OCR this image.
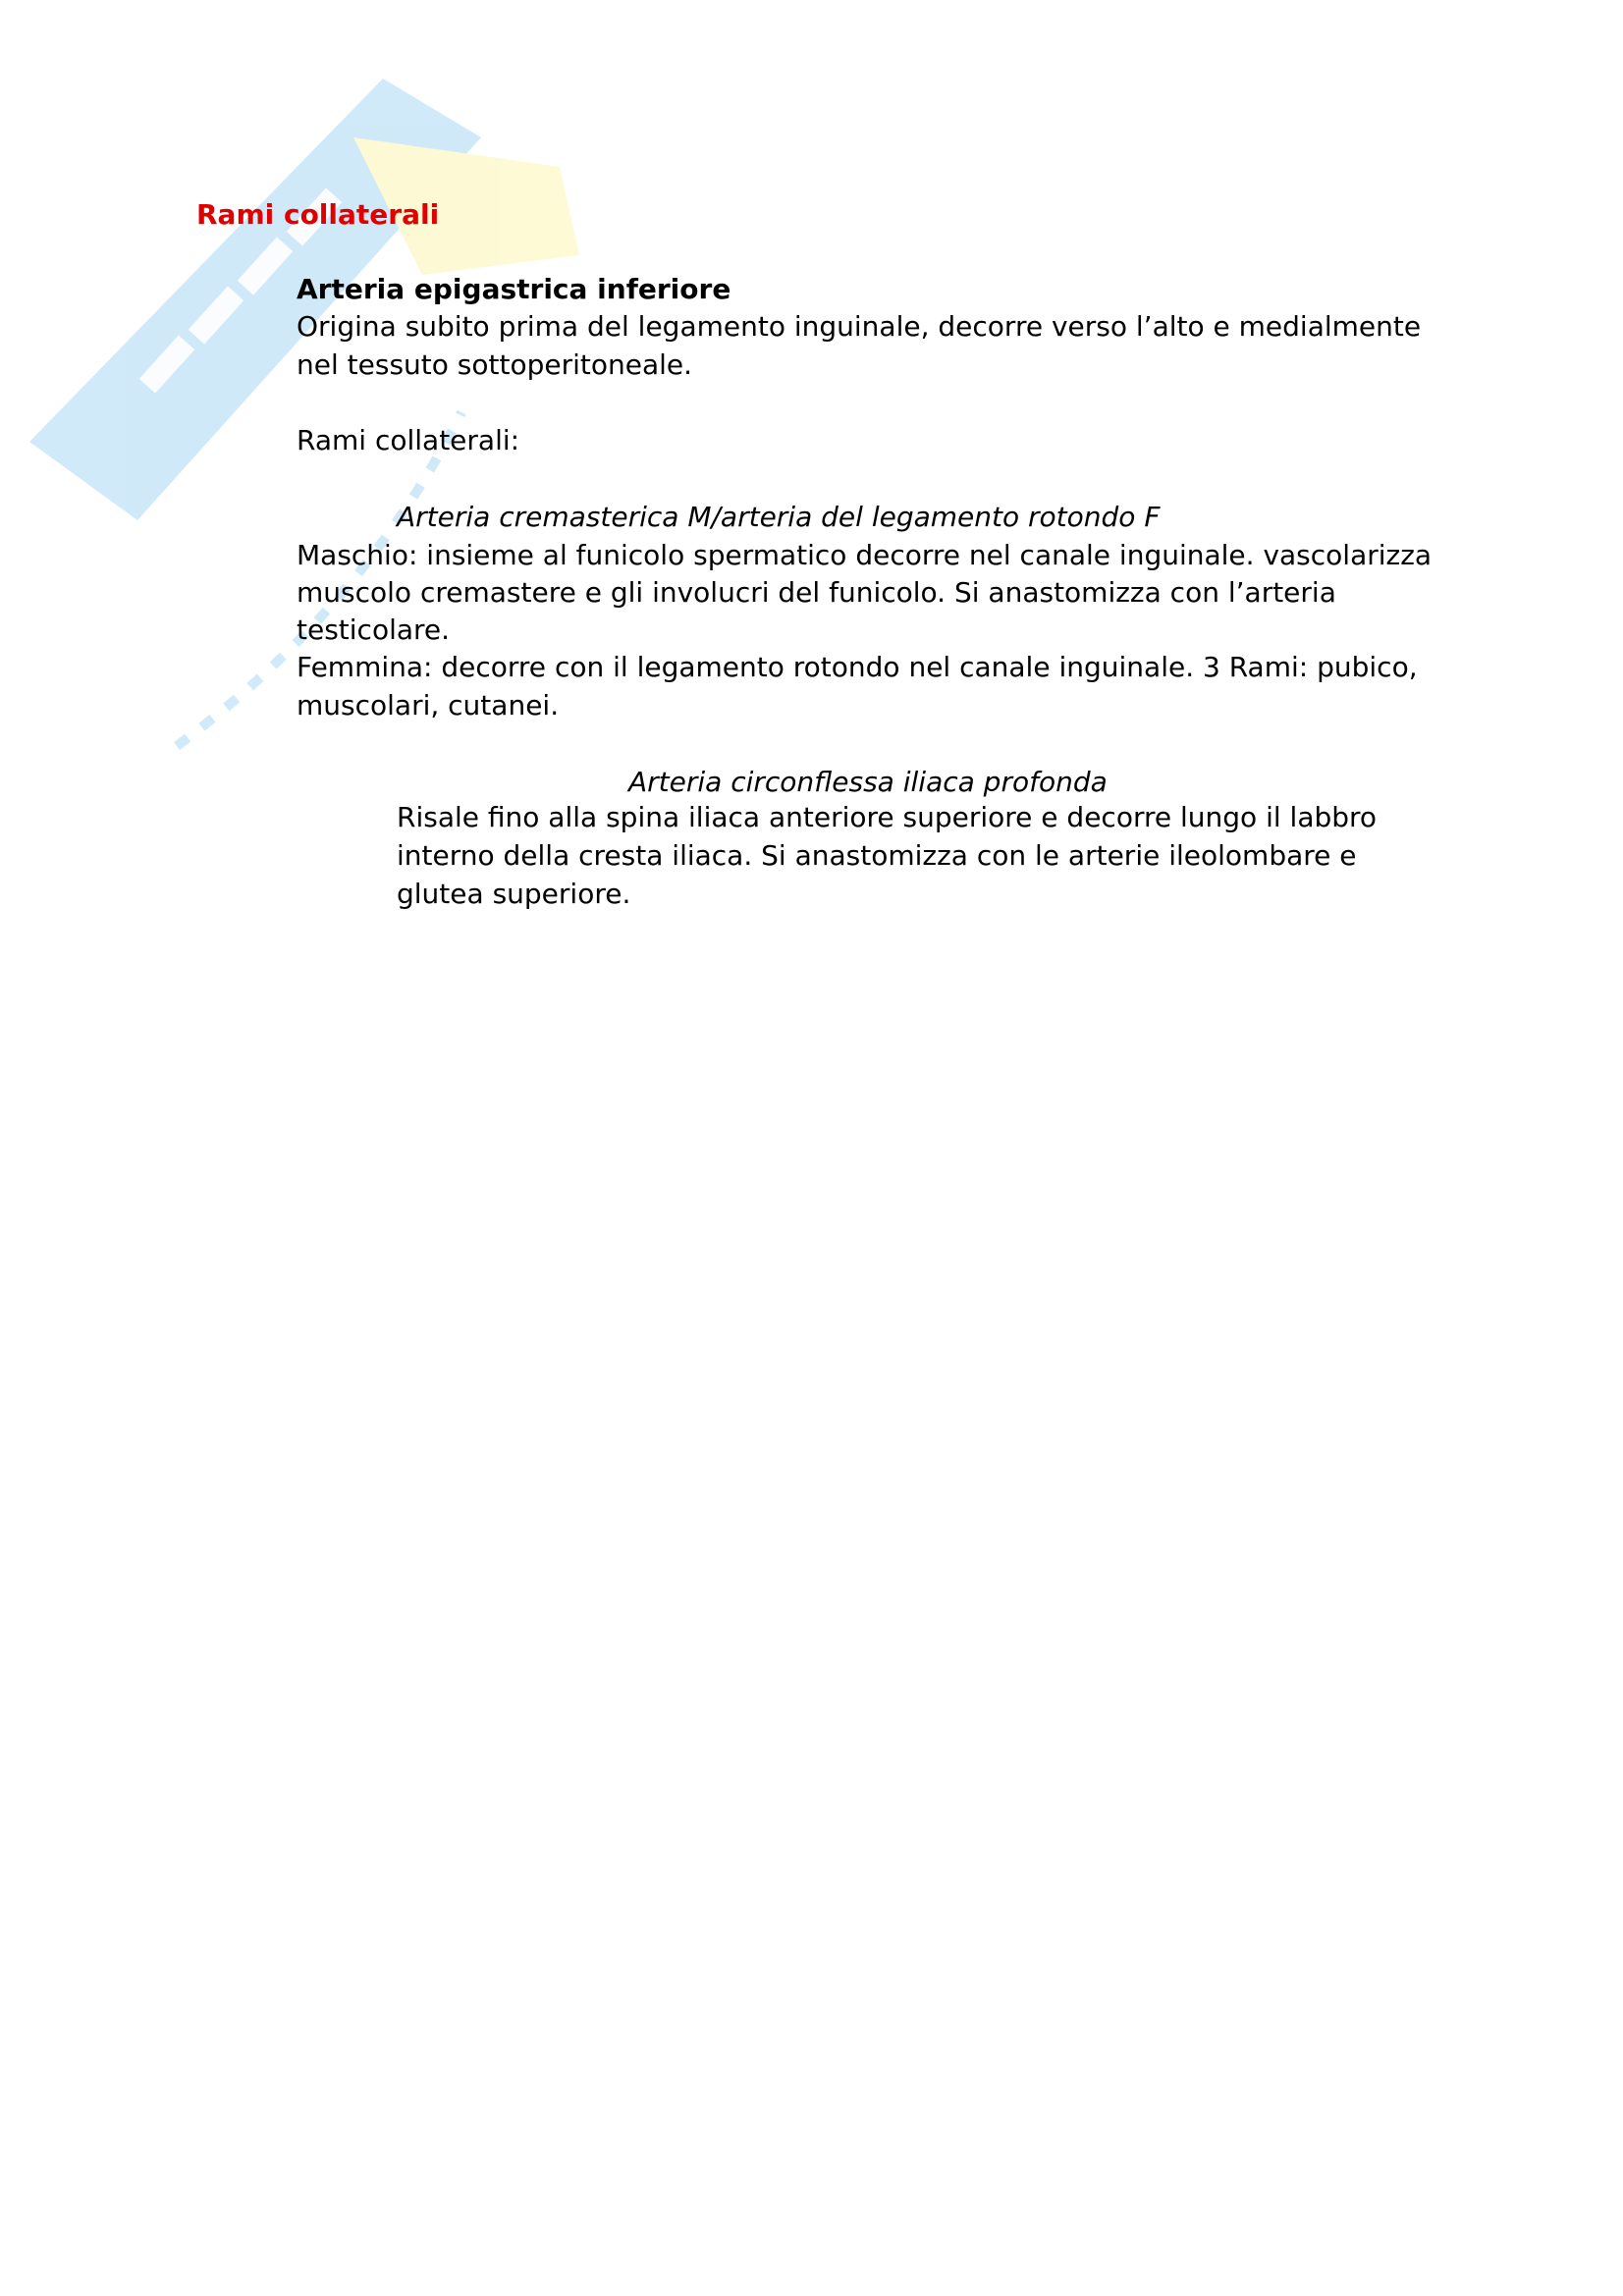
Rami collaterali
Arteria epigastrica inferiore
Origina subito prima del legamento inguinale, decorre verso l’alto e medialmente
nel tessuto sottoperitoneale.
Rami collaterali:
Arteria cremasterica M/arteria del legamento rotondo F
Maschio: insieme al funicolo spermatico decorre nel canale inguinale. vascolarizza
muscolo cremastere e gli involucri del funicolo. Si anastomizza con l’arteria
testicolare.
Femmina: decorre con il legamento rotondo nel canale inguinale. 3 Rami: pubico,
muscolari, cutanei.
Arteria circonflessa iliaca profonda
Risale fino alla spina iliaca anteriore superiore e decorre lungo il labbro
interno della cresta iliaca. Si anastomizza con le arterie ileolombare e
glutea superiore.
